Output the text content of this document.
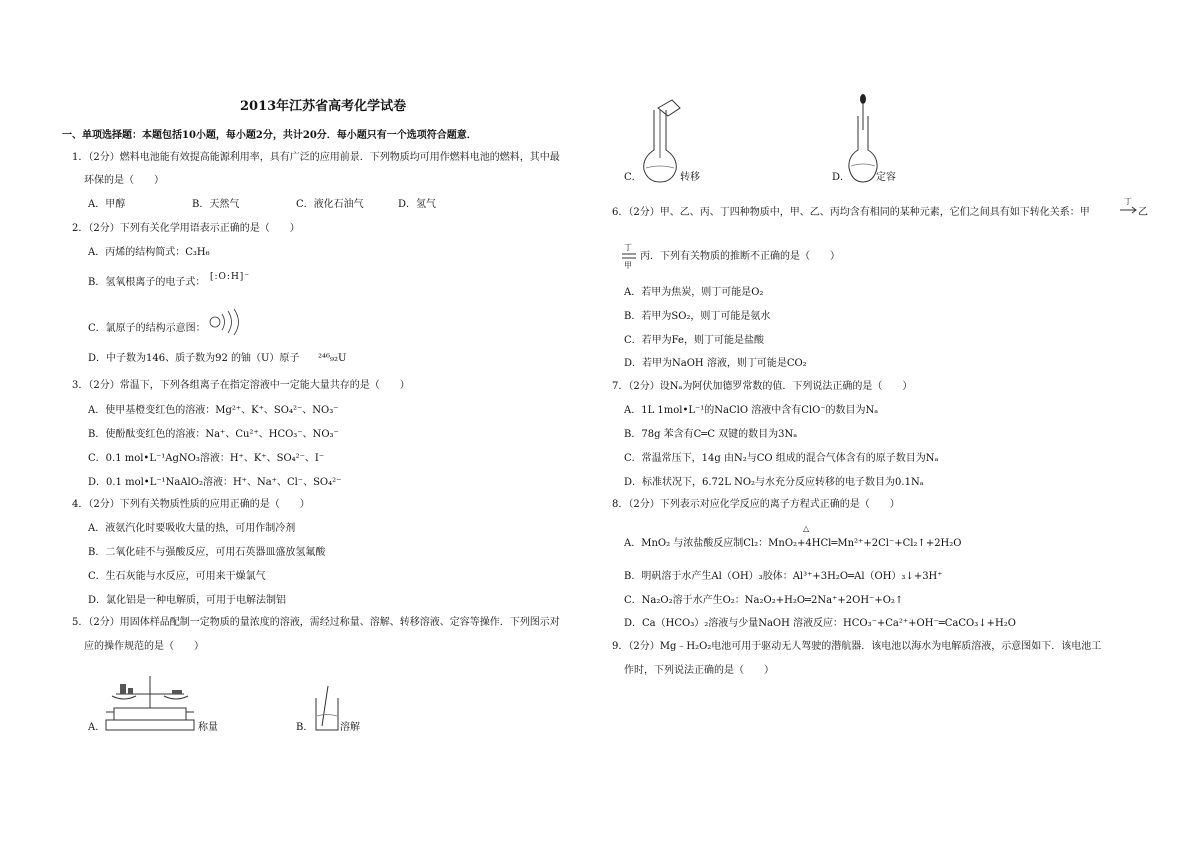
2013年江苏省高考化学试卷
一、单项选择题：本题包括10小题，每小题2分，共计20分．每小题只有一个选项符合题意．
1．（2分）燃料电池能有效提高能源利用率，具有广泛的应用前景．下列物质均可用作燃料电池的燃料，其中最
环保的是（　　）
A．甲醇	B．天然气	C．液化石油气	D．氢气
2．（2分）下列有关化学用语表示正确的是（　　）
A．丙烯的结构简式：C₃H₆
B．氢氧根离子的电子式： [:O:H]⁻
C．氯原子的结构示意图：
D．中子数为146、质子数为92 的铀（U）原子 ²⁴⁶₉₂U
3．（2分）常温下，下列各组离子在指定溶液中一定能大量共存的是（　　）
A．使甲基橙变红色的溶液：Mg²⁺、K⁺、SO₄²⁻、NO₃⁻
B．使酚酞变红色的溶液：Na⁺、Cu²⁺、HCO₃⁻、NO₃⁻
C．0.1 mol•L⁻¹AgNO₃溶液：H⁺、K⁺、SO₄²⁻、I⁻
D．0.1 mol•L⁻¹NaAlO₂溶液：H⁺、Na⁺、Cl⁻、SO₄²⁻
4．（2分）下列有关物质性质的应用正确的是（　　）
A．液氨汽化时要吸收大量的热，可用作制冷剂
B．二氧化硅不与强酸反应，可用石英器皿盛放氢氟酸
C．生石灰能与水反应，可用来干燥氯气
D．氯化铝是一种电解质，可用于电解法制铝
5．（2分）用固体样品配制一定物质的量浓度的溶液，需经过称量、溶解、转移溶液、定容等操作．下列图示对
应的操作规范的是（　　）
A．	称量	B．	溶解
C．	转移	D．	定容
6．（2分）甲、乙、丙、丁四种物质中，甲、乙、丙均含有相同的某种元素，它们之间具有如下转化关系：甲
丁
乙
丁
甲
丙．下列有关物质的推断不正确的是（　　）
A．若甲为焦炭，则丁可能是O₂
B．若甲为SO₂，则丁可能是氨水
C．若甲为Fe，则丁可能是盐酸
D．若甲为NaOH 溶液，则丁可能是CO₂
7．（2分）设Nₐ为阿伏加德罗常数的值．下列说法正确的是（　　）
A．1L 1mol•L⁻¹的NaClO 溶液中含有ClO⁻的数目为Nₐ
B．78g 苯含有C═C 双键的数目为3Nₐ
C．常温常压下，14g 由N₂与CO 组成的混合气体含有的原子数目为Nₐ
D．标准状况下，6.72L NO₂与水充分反应转移的电子数目为0.1Nₐ
8．（2分）下列表示对应化学反应的离子方程式正确的是（　　）
△
A．MnO₂ 与浓盐酸反应制Cl₂：MnO₂+4HCl═Mn²⁺+2Cl⁻+Cl₂↑+2H₂O
B．明矾溶于水产生Al（OH）₃胶体：Al³⁺+3H₂O═Al（OH）₃↓+3H⁺
C．Na₂O₂溶于水产生O₂：Na₂O₂+H₂O═2Na⁺+2OH⁻+O₂↑
D．Ca（HCO₃）₂溶液与少量NaOH 溶液反应：HCO₃⁻+Ca²⁺+OH⁻═CaCO₃↓+H₂O
9．（2分）Mg﹣H₂O₂电池可用于驱动无人驾驶的潜航器．该电池以海水为电解质溶液，示意图如下．该电池工
作时，下列说法正确的是（　　）
